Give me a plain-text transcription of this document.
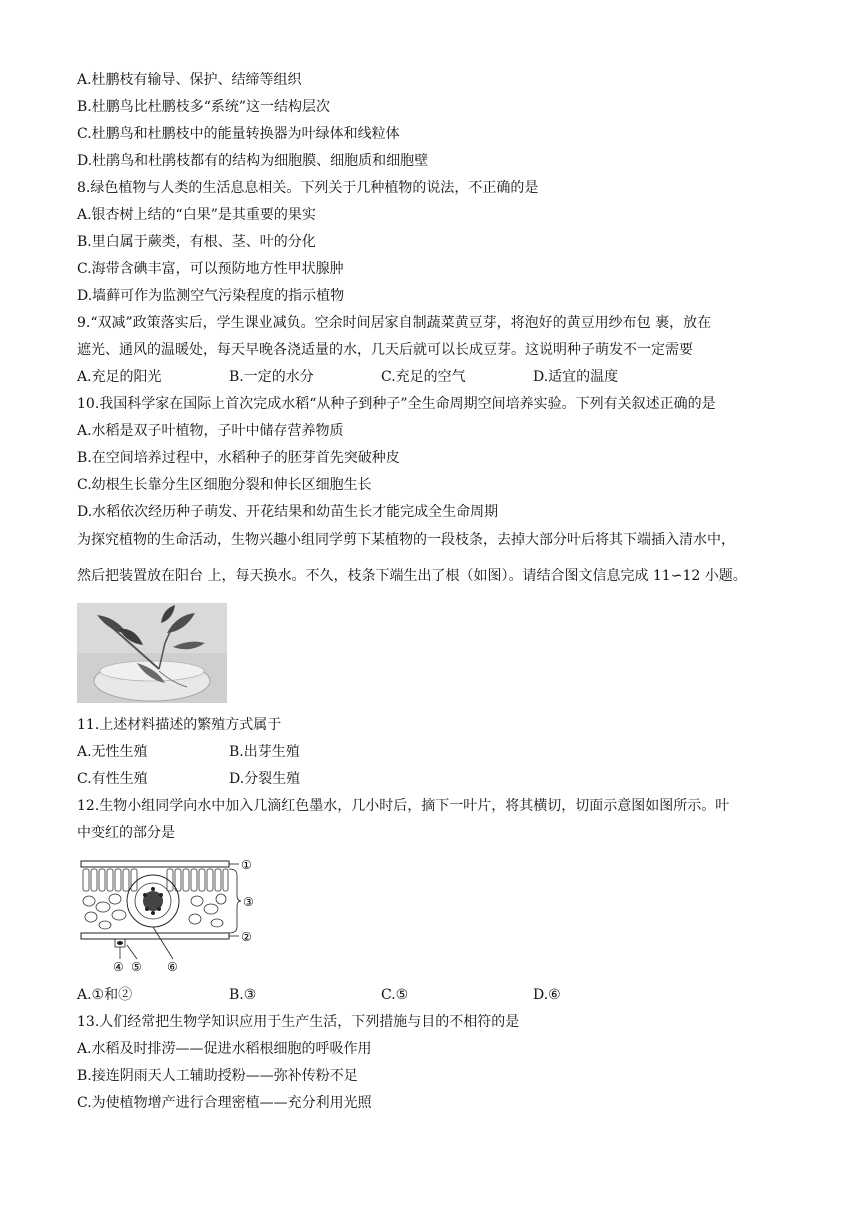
A.杜鹏枝有输导、保护、结缔等组织
B.杜鹏鸟比杜鹏枝多“系统”这一结构层次
C.杜鹏鸟和杜鹏枝中的能量转换器为叶绿体和线粒体
D.杜鹃鸟和杜鹃枝都有的结构为细胞膜、细胞质和细胞壁
8.绿色植物与人类的生活息息相关。下列关于几种植物的说法，不正确的是
A.银杏树上结的“白果”是其重要的果实
B.里白属于蕨类，有根、茎、叶的分化
C.海带含碘丰富，可以预防地方性甲状腺肿
D.墙藓可作为监测空气污染程度的指示植物
9.“双减”政策落实后，学生课业减负。空余时间居家自制蔬菜黄豆芽，将泡好的黄豆用纱布包 裹，放在
遮光、通风的温暖处，每天早晚各浇适量的水，几天后就可以长成豆芽。这说明种子萌发不一定需要
A.充足的阳光	B.一定的水分	C.充足的空气	D.适宜的温度
10.我国科学家在国际上首次完成水稻“从种子到种子”全生命周期空间培养实验。下列有关叙述正确的是
A.水稻是双子叶植物，子叶中储存营养物质
B.在空间培养过程中，水稻种子的胚芽首先突破种皮
C.幼根生长靠分生区细胞分裂和伸长区细胞生长
D.水稻依次经历种子萌发、开花结果和幼苗生长才能完成全生命周期
为探究植物的生命活动，生物兴趣小组同学剪下某植物的一段枝条，去掉大部分叶后将其下端插入清水中，
然后把装置放在阳台 上，每天换水。不久，枝条下端生出了根（如图）。请结合图文信息完成 11∽12 小题。
11.上述材料描述的繁殖方式属于
A.无性生殖	B.出芽生殖
C.有性生殖	D.分裂生殖
12.生物小组同学向水中加入几滴红色墨水，几小时后，摘下一叶片，将其横切，切面示意图如图所示。叶
中变红的部分是
①
③
②
④ ⑤ ⑥
A.①和②	B.③	C.⑤	D.⑥
13.人们经常把生物学知识应用于生产生活，下列措施与目的不相符的是
A.水稻及时排涝——促进水稻根细胞的呼吸作用
B.接连阴雨天人工辅助授粉——弥补传粉不足
C.为使植物增产进行合理密植——充分利用光照
